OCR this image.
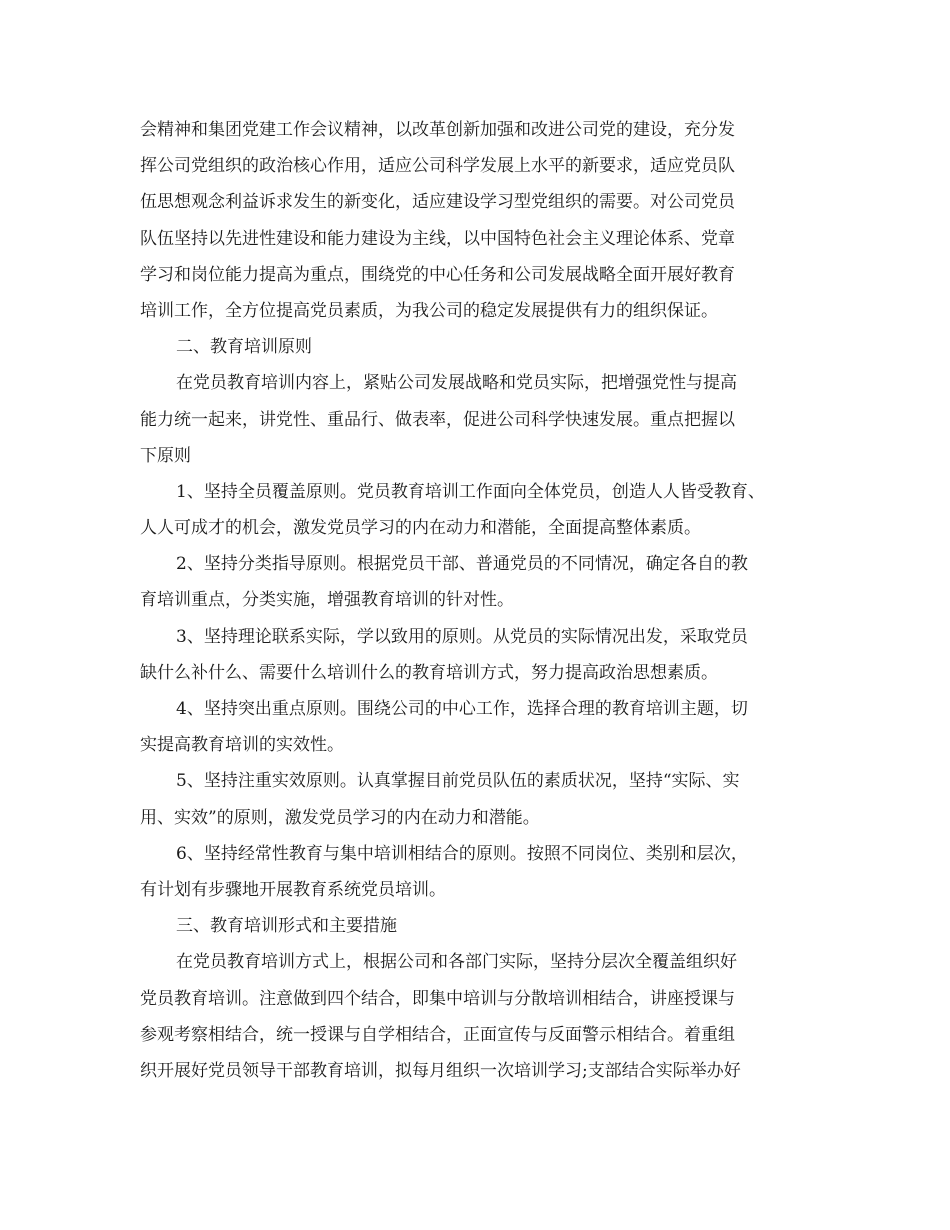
会精神和集团党建工作会议精神，以改革创新加强和改进公司党的建设，充分发
挥公司党组织的政治核心作用，适应公司科学发展上水平的新要求，适应党员队
伍思想观念利益诉求发生的新变化，适应建设学习型党组织的需要。对公司党员
队伍坚持以先进性建设和能力建设为主线，以中国特色社会主义理论体系、党章
学习和岗位能力提高为重点，围绕党的中心任务和公司发展战略全面开展好教育
培训工作，全方位提高党员素质，为我公司的稳定发展提供有力的组织保证。
二、教育培训原则
在党员教育培训内容上，紧贴公司发展战略和党员实际，把增强党性与提高
能力统一起来，讲党性、重品行、做表率，促进公司科学快速发展。重点把握以
下原则
1、坚持全员覆盖原则。党员教育培训工作面向全体党员，创造人人皆受教育、
人人可成才的机会，激发党员学习的内在动力和潜能，全面提高整体素质。
2、坚持分类指导原则。根据党员干部、普通党员的不同情况，确定各自的教
育培训重点，分类实施，增强教育培训的针对性。
3、坚持理论联系实际，学以致用的原则。从党员的实际情况出发，采取党员
缺什么补什么、需要什么培训什么的教育培训方式，努力提高政治思想素质。
4、坚持突出重点原则。围绕公司的中心工作，选择合理的教育培训主题，切
实提高教育培训的实效性。
5、坚持注重实效原则。认真掌握目前党员队伍的素质状况，坚持“实际、实
用、实效”的原则，激发党员学习的内在动力和潜能。
6、坚持经常性教育与集中培训相结合的原则。按照不同岗位、类别和层次，
有计划有步骤地开展教育系统党员培训。
三、教育培训形式和主要措施
在党员教育培训方式上，根据公司和各部门实际，坚持分层次全覆盖组织好
党员教育培训。注意做到四个结合，即集中培训与分散培训相结合，讲座授课与
参观考察相结合，统一授课与自学相结合，正面宣传与反面警示相结合。着重组
织开展好党员领导干部教育培训，拟每月组织一次培训学习;支部结合实际举办好
